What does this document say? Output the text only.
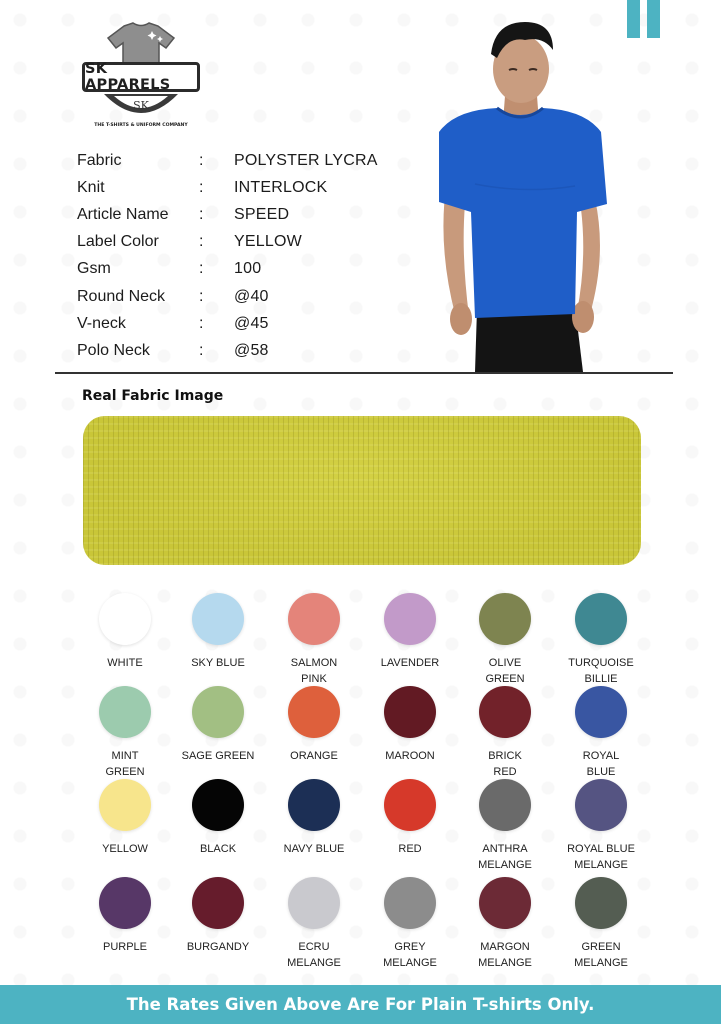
SK APPARELS
SK
THE T-SHIRTS & UNIFORM COMPANY
Fabric	:	POLYSTER LYCRA
Knit	:	INTERLOCK
Article Name	:	SPEED
Label Color	:	YELLOW
Gsm	:	100
Round Neck	:	@40
V-neck	:	@45
Polo Neck	:	@58
Real Fabric Image
WHITE	SKY BLUE	SALMON
PINK
LAVENDER	OLIVE
GREEN
TURQUOISE
BILLIE
MINT
GREEN
SAGE GREEN	ORANGE	MAROON	BRICK
RED
ROYAL
BLUE
YELLOW	BLACK	NAVY BLUE	RED	ANTHRA
MELANGE
ROYAL BLUE
MELANGE
PURPLE	BURGANDY	ECRU
MELANGE
GREY
MELANGE
MARGON
MELANGE
GREEN
MELANGE
The Rates Given Above Are For Plain T-shirts Only.
